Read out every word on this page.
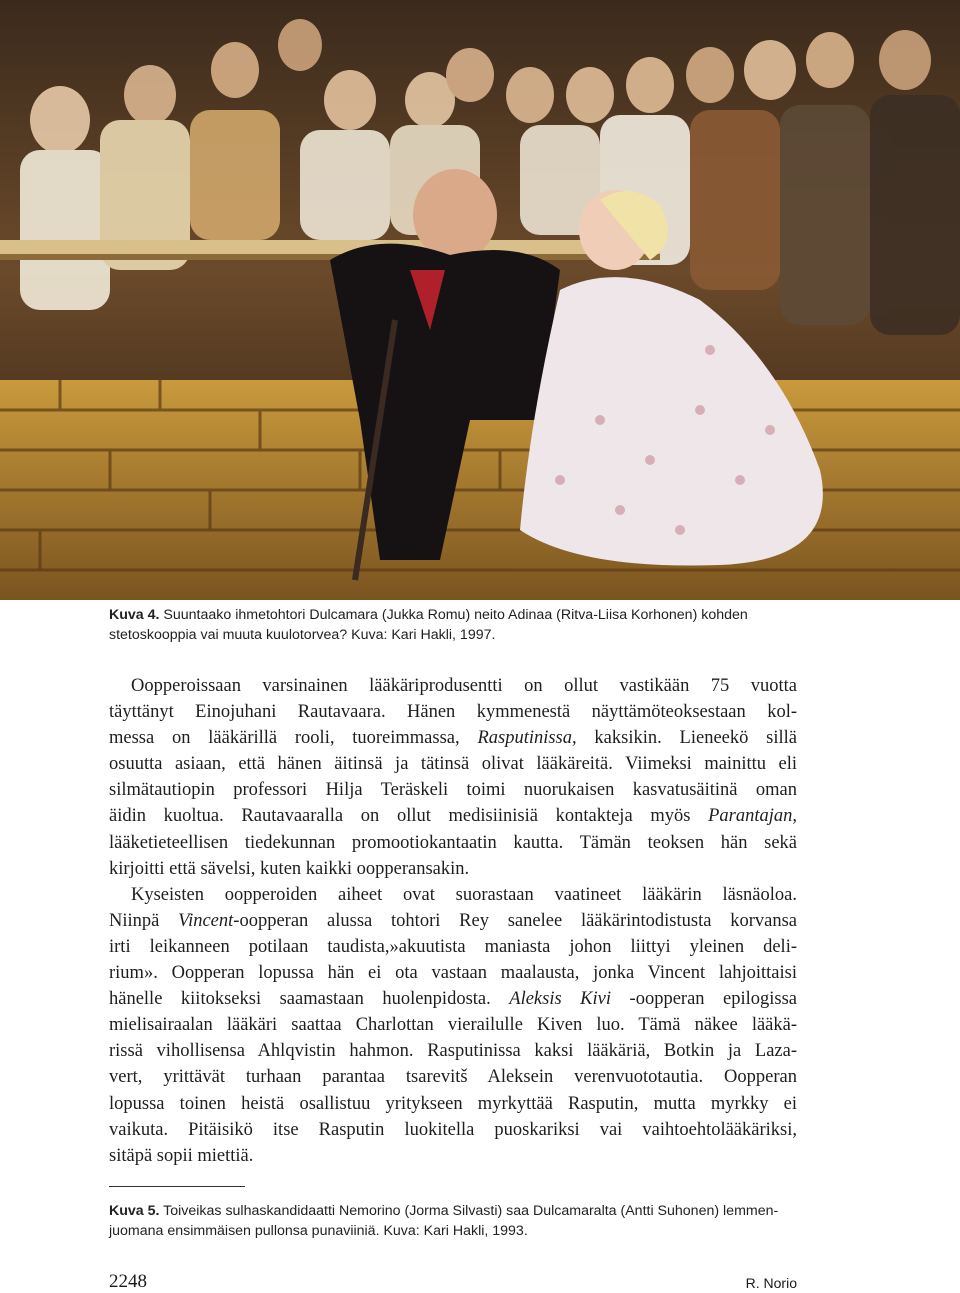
Kuva 4. Suuntaako ihmetohtori Dulcamara (Jukka Romu) neito Adinaa (Ritva-Liisa Korhonen) kohden
stetoskooppia vai muuta kuulotorvea? Kuva: Kari Hakli, 1997.
Oopperoissaan varsinainen lääkäriprodusentti on ollut vastikään 75 vuotta
täyttänyt Einojuhani Rautavaara. Hänen kymmenestä näyttämöteoksestaan kol-
messa on lääkärillä rooli, tuoreimmassa, Rasputinissa, kaksikin. Lieneekö sillä
osuutta asiaan, että hänen äitinsä ja tätinsä olivat lääkäreitä. Viimeksi mainittu eli
silmätautiopin professori Hilja Teräskeli toimi nuorukaisen kasvatusäitinä oman
äidin kuoltua. Rautavaaralla on ollut medisiinisiä kontakteja myös Parantajan,
lääketieteellisen tiedekunnan promootiokantaatin kautta. Tämän teoksen hän sekä
kirjoitti että sävelsi, kuten kaikki oopperansakin.
Kyseisten oopperoiden aiheet ovat suorastaan vaatineet lääkärin läsnäoloa.
Niinpä Vincent-oopperan alussa tohtori Rey sanelee lääkärintodistusta korvansa
irti leikanneen potilaan taudista,»akuutista maniasta johon liittyi yleinen deli-
rium». Oopperan lopussa hän ei ota vastaan maalausta, jonka Vincent lahjoittaisi
hänelle kiitokseksi saamastaan huolenpidosta. Aleksis Kivi -oopperan epilogissa
mielisairaalan lääkäri saattaa Charlottan vierailulle Kiven luo. Tämä näkee lääkä-
rissä vihollisensa Ahlqvistin hahmon. Rasputinissa kaksi lääkäriä, Botkin ja Laza-
vert, yrittävät turhaan parantaa tsarevitš Aleksein verenvuototautia. Oopperan
lopussa toinen heistä osallistuu yritykseen myrkyttää Rasputin, mutta myrkky ei
vaikuta. Pitäisikö itse Rasputin luokitella puoskariksi vai vaihtoehtolääkäriksi,
sitäpä sopii miettiä.
Kuva 5. Toiveikas sulhaskandidaatti Nemorino (Jorma Silvasti) saa Dulcamaralta (Antti Suhonen) lemmen-
juomana ensimmäisen pullonsa punaviiniä. Kuva: Kari Hakli, 1993.
2248	R. Norio
